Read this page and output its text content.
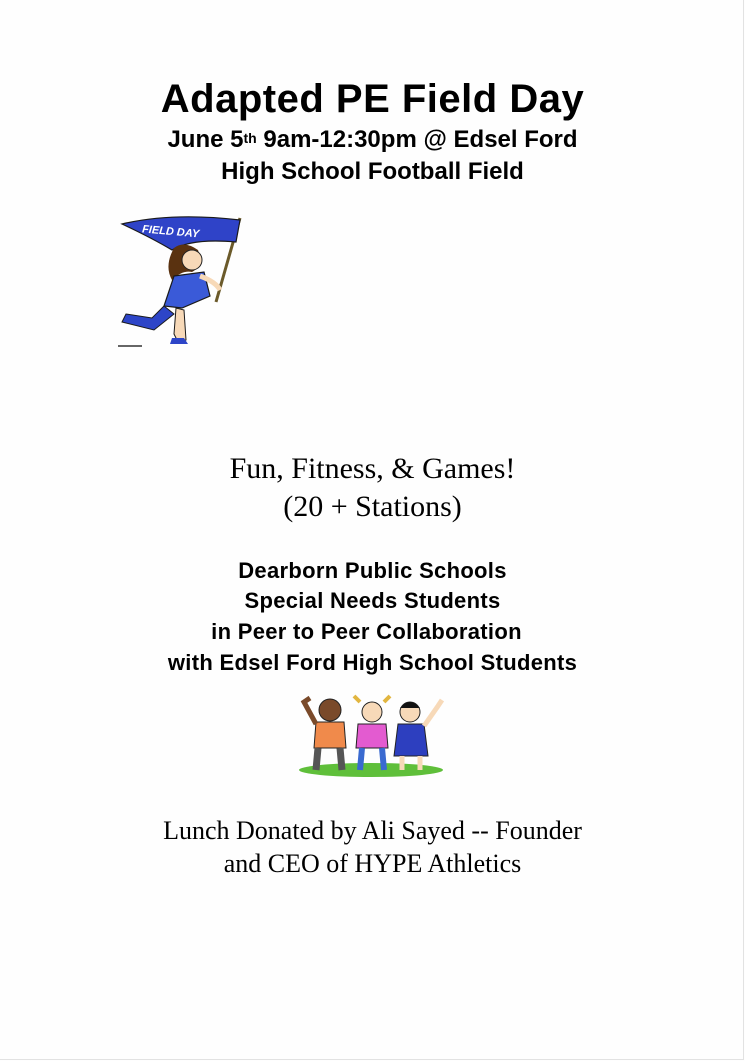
Adapted PE Field Day
June 5th 9am-12:30pm @ Edsel Ford
High School Football Field
FIELD DAY
Fun, Fitness, & Games!
(20 + Stations)
Dearborn Public Schools
Special Needs Students
in Peer to Peer Collaboration
with Edsel Ford High School Students
Lunch Donated by Ali Sayed -- Founder
and CEO of HYPE Athletics
